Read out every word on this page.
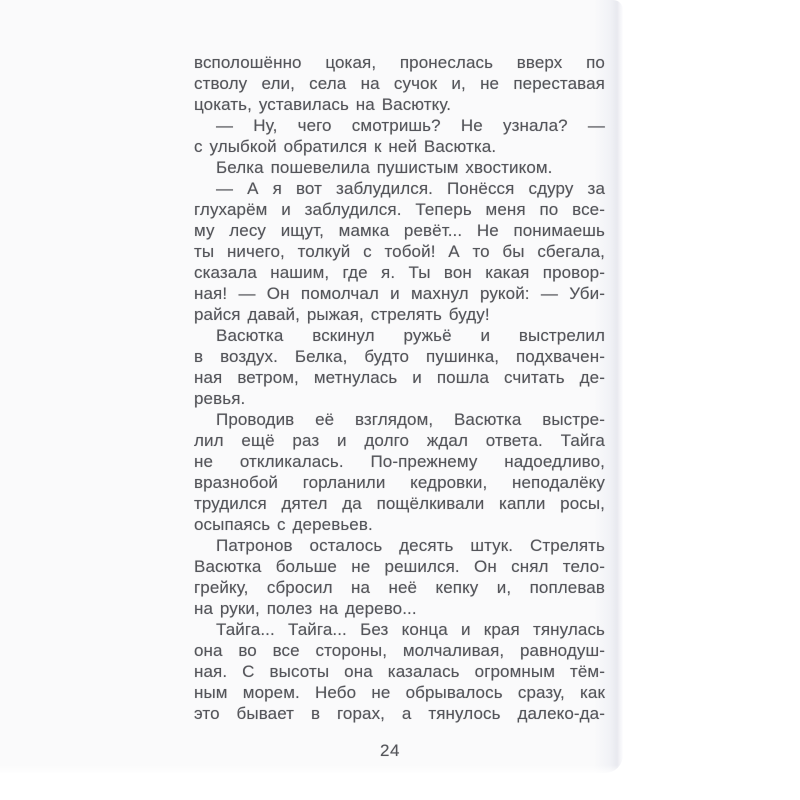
всполошённо цокая, пронеслась вверх по
стволу ели, села на сучок и, не переставая
цокать, уставилась на Васютку.
— Ну, чего смотришь? Не узнала? —
с улыбкой обратился к ней Васютка.
Белка пошевелила пушистым хвостиком.
— А я вот заблудился. Понёсся сдуру за
глухарём и заблудился. Теперь меня по все-
му лесу ищут, мамка ревёт... Не понимаешь
ты ничего, толкуй с тобой! А то бы сбегала,
сказала нашим, где я. Ты вон какая провор-
ная! — Он помолчал и махнул рукой: — Уби-
райся давай, рыжая, стрелять буду!
Васютка вскинул ружьё и выстрелил
в воздух. Белка, будто пушинка, подхвачен-
ная ветром, метнулась и пошла считать де-
ревья.
Проводив её взглядом, Васютка выстре-
лил ещё раз и долго ждал ответа. Тайга
не откликалась. По-прежнему надоедливо,
вразнобой горланили кедровки, неподалёку
трудился дятел да пощёлкивали капли росы,
осыпаясь с деревьев.
Патронов осталось десять штук. Стрелять
Васютка больше не решился. Он снял тело-
грейку, сбросил на неё кепку и, поплевав
на руки, полез на дерево...
Тайга... Тайга... Без конца и края тянулась
она во все стороны, молчаливая, равнодуш-
ная. С высоты она казалась огромным тём-
ным морем. Небо не обрывалось сразу, как
это бывает в горах, а тянулось далеко-да-
24
